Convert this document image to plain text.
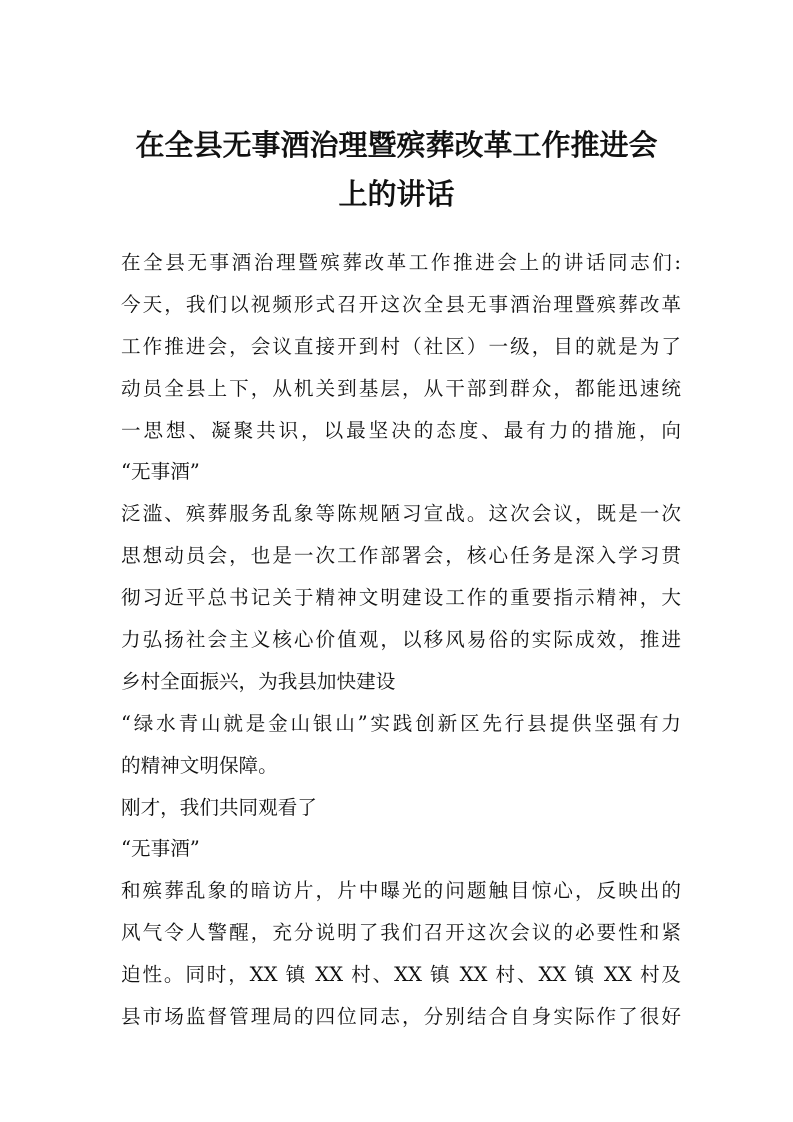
在全县无事酒治理暨殡葬改革工作推进会
上的讲话
在全县无事酒治理暨殡葬改革工作推进会上的讲话同志们:
今天，我们以视频形式召开这次全县无事酒治理暨殡葬改革
工作推进会，会议直接开到村（社区）一级，目的就是为了
动员全县上下，从机关到基层，从干部到群众，都能迅速统
一思想、凝聚共识，以最坚决的态度、最有力的措施，向
“无事酒”
泛滥、殡葬服务乱象等陈规陋习宣战。这次会议，既是一次
思想动员会，也是一次工作部署会，核心任务是深入学习贯
彻习近平总书记关于精神文明建设工作的重要指示精神，大
力弘扬社会主义核心价值观，以移风易俗的实际成效，推进
乡村全面振兴，为我县加快建设
“绿水青山就是金山银山”实践创新区先行县提供坚强有力
的精神文明保障。
刚才，我们共同观看了
“无事酒”
和殡葬乱象的暗访片，片中曝光的问题触目惊心，反映出的
风气令人警醒，充分说明了我们召开这次会议的必要性和紧
迫性。同时，XX 镇 XX 村、XX 镇 XX 村、XX 镇 XX 村及
县市场监督管理局的四位同志，分别结合自身实际作了很好
